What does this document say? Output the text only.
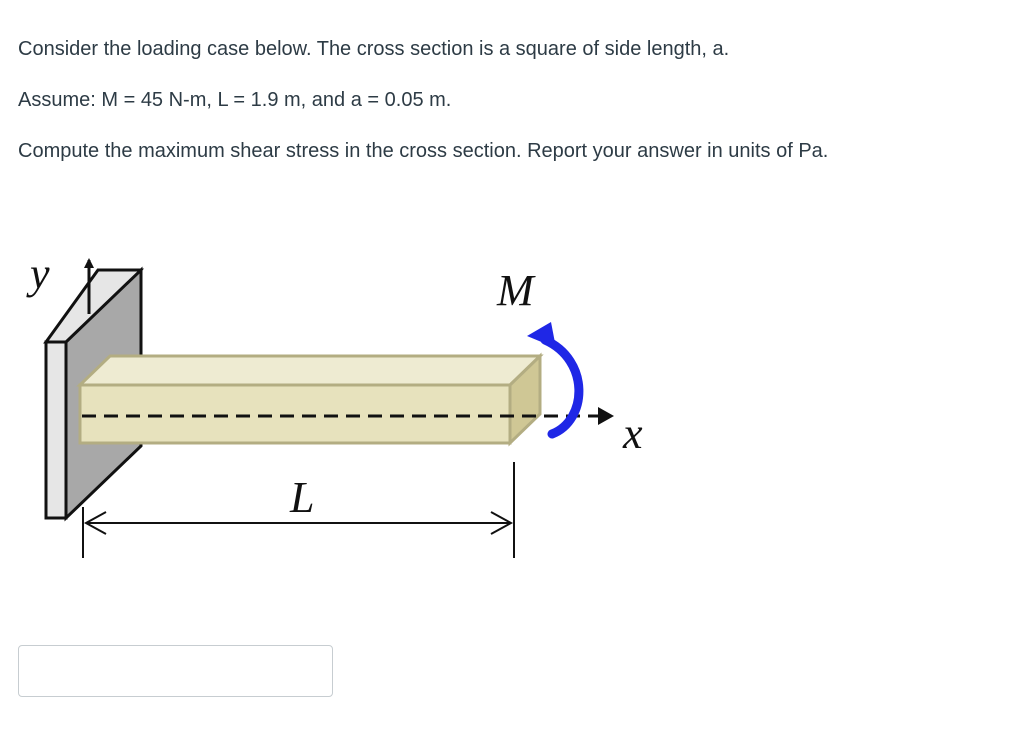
Consider the loading case below. The cross section is a square of side length, a.
Assume: M = 45 N-m, L = 1.9 m, and a = 0.05 m.
Compute the maximum shear stress in the cross section. Report your answer in units of Pa.
y
x
M
L
